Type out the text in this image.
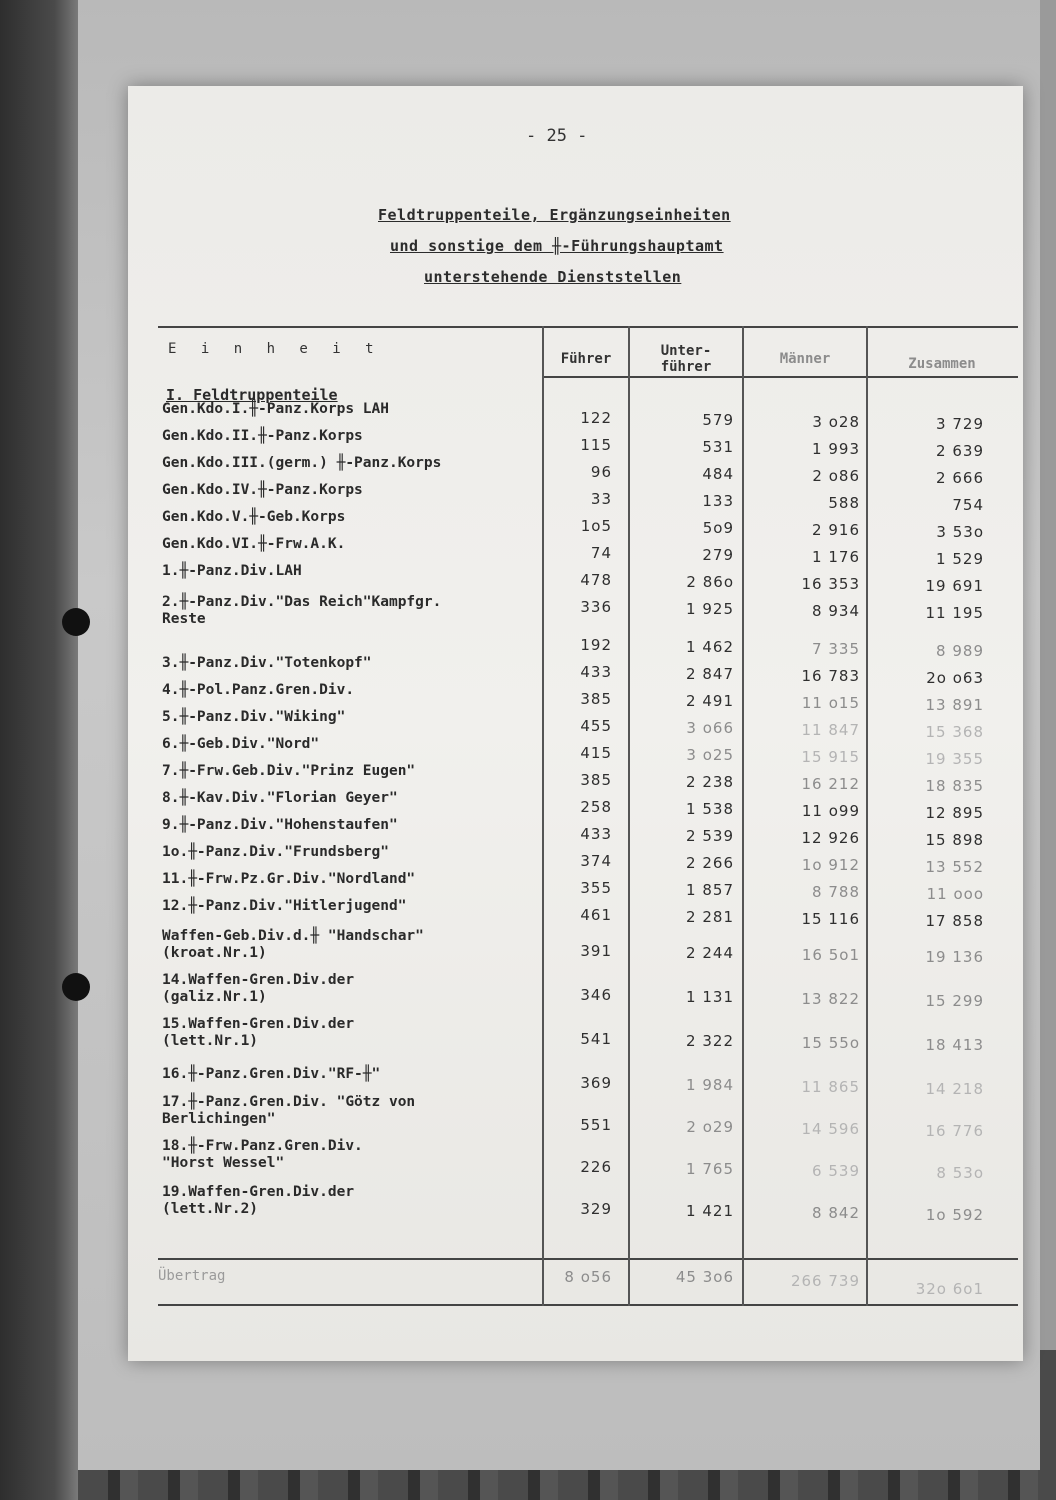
- 25 -
Feldtruppenteile, Ergänzungseinheiten
und sonstige dem ╫-Führungshauptamt
unterstehende Dienststellen
E i n h e i t
Führer	Unter-
führer	Männer	Zusammen
I. Feldtruppenteile
Gen.Kdo.I.╫-Panz.Korps LAH	122	579	3 o28	3 729
Gen.Kdo.II.╫-Panz.Korps	115	531	1 993	2 639
Gen.Kdo.III.(germ.) ╫-Panz.Korps	96	484	2 o86	2 666
Gen.Kdo.IV.╫-Panz.Korps	33	133	588	754
Gen.Kdo.V.╫-Geb.Korps	1o5	5o9	2 916	3 53o
Gen.Kdo.VI.╫-Frw.A.K.	74	279	1 176	1 529
1.╫-Panz.Div.LAH	478	2 86o	16 353	19 691
2.╫-Panz.Div."Das Reich"Kampfgr.
Reste
336	1 925	8 934	11 195
192	1 462	7 335	8 989
3.╫-Panz.Div."Totenkopf"	433	2 847	16 783	2o o63
4.╫-Pol.Panz.Gren.Div.	385	2 491	11 o15	13 891
5.╫-Panz.Div."Wiking"	455	3 o66	11 847	15 368
6.╫-Geb.Div."Nord"	415	3 o25	15 915	19 355
7.╫-Frw.Geb.Div."Prinz Eugen"	385	2 238	16 212	18 835
8.╫-Kav.Div."Florian Geyer"	258	1 538	11 o99	12 895
9.╫-Panz.Div."Hohenstaufen"	433	2 539	12 926	15 898
1o.╫-Panz.Div."Frundsberg"	374	2 266	1o 912	13 552
11.╫-Frw.Pz.Gr.Div."Nordland"	355	1 857	8 788	11 ooo
12.╫-Panz.Div."Hitlerjugend"	461	2 281	15 116	17 858
Waffen-Geb.Div.d.╫ "Handschar"
(kroat.Nr.1)	391	2 244	16 5o1	19 136
14.Waffen-Gren.Div.der
(galiz.Nr.1)	346	1 131	13 822	15 299
15.Waffen-Gren.Div.der
(lett.Nr.1)	541	2 322	15 55o	18 413
16.╫-Panz.Gren.Div."RF-╫"	369	1 984	11 865	14 218
17.╫-Panz.Gren.Div. "Götz von
Berlichingen"	551	2 o29	14 596	16 776
18.╫-Frw.Panz.Gren.Div.
"Horst Wessel"	226	1 765	6 539	8 53o
19.Waffen-Gren.Div.der
(lett.Nr.2)	329	1 421	8 842	1o 592
Übertrag	8 o56	45 3o6	266 739	32o 6o1
